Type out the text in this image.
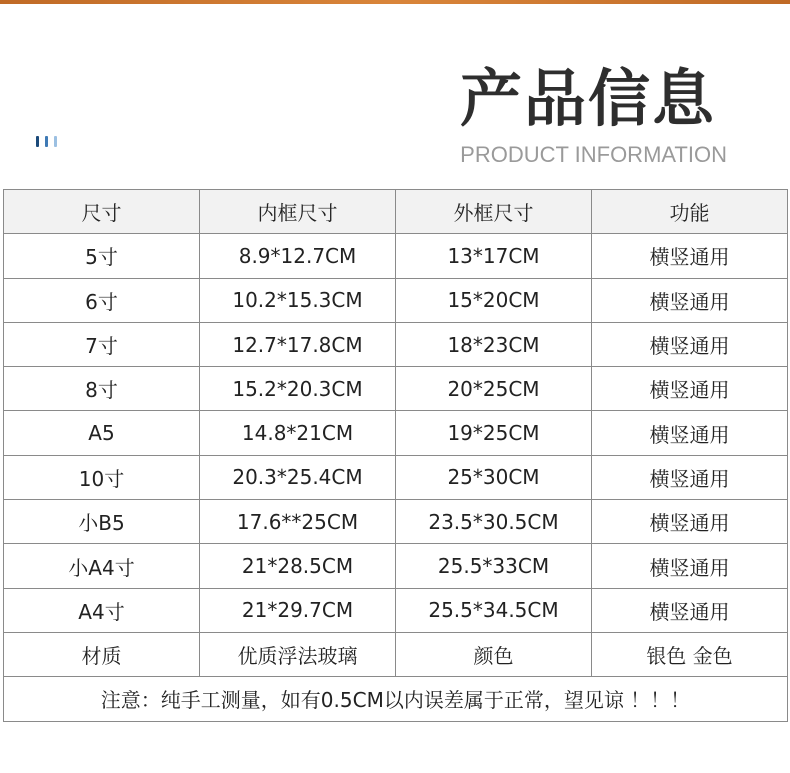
产品信息
PRODUCT INFORMATION
尺寸	内框尺寸	外框尺寸	功能
5寸	8.9*12.7CM	13*17CM	横竖通用
6寸	10.2*15.3CM	15*20CM	横竖通用
7寸	12.7*17.8CM	18*23CM	横竖通用
8寸	15.2*20.3CM	20*25CM	横竖通用
A5	14.8*21CM	19*25CM	横竖通用
10寸	20.3*25.4CM	25*30CM	横竖通用
小B5	17.6**25CM	23.5*30.5CM	横竖通用
小A4寸	21*28.5CM	25.5*33CM	横竖通用
A4寸	21*29.7CM	25.5*34.5CM	横竖通用
材质	优质浮法玻璃	颜色	银色 金色
注意：纯手工测量，如有0.5CM以内误差属于正常，望见谅 ！！！			
